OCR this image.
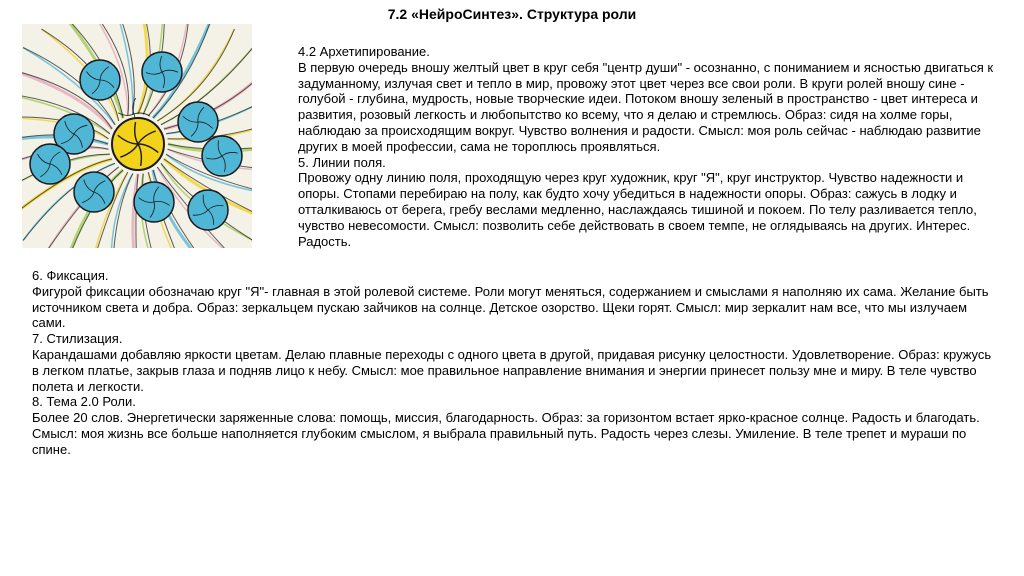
7.2 «НейроСинтез». Структура роли

4.2 Архетипирование.

В первую очередь вношу желтый цвет в круг себя "центр души" - осознанно, с пониманием и ясностью двигаться к задуманному, излучая свет и тепло в мир, провожу этот цвет через все свои роли. В круги ролей вношу сине - голубой - глубина, мудрость, новые творческие идеи. Потоком вношу зеленый в пространство - цвет интереса и развития, розовый легкость и любопытство ко всему, что я делаю и стремлюсь. Образ: сидя на холме горы, наблюдаю за происходящим вокруг. Чувство волнения и радости. Смысл: моя роль сейчас - наблюдаю развитие других в моей профессии, сама не тороплюсь проявляться.

5. Линии поля.

Провожу одну линию поля, проходящую через круг художник, круг "Я", круг инструктор. Чувство надежности и опоры. Стопами перебираю на полу, как будто хочу убедиться в надежности опоры. Образ: сажусь в лодку и отталкиваюсь от берега, гребу веслами медленно, наслаждаясь тишиной и покоем. По телу разливается тепло, чувство невесомости. Смысл: позволить себе действовать в своем темпе, не оглядываясь на других. Интерес. Радость.

6. Фиксация.

Фигурой фиксации обозначаю круг "Я"- главная в этой ролевой системе. Роли могут меняться, содержанием и смыслами я наполняю их сама. Желание быть источником света и добра. Образ: зеркальцем пускаю зайчиков на солнце. Детское озорство. Щеки горят. Смысл: мир зеркалит нам все, что мы излучаем сами.

7. Стилизация.

Карандашами добавляю яркости цветам. Делаю плавные переходы с одного цвета в другой, придавая рисунку целостности. Удовлетворение. Образ: кружусь в легком платье, закрыв глаза и подняв лицо к небу. Смысл: мое правильное направление внимания и энергии принесет пользу мне и миру. В теле чувство полета и легкости.

8. Тема 2.0 Роли.

Более 20 слов. Энергетически заряженные слова: помощь, миссия, благодарность. Образ: за горизонтом встает ярко-красное солнце. Радость и благодать. Смысл: моя жизнь все больше наполняется глубоким смыслом, я выбрала правильный путь. Радость через слезы. Умиление. В теле трепет и мураши по спине.
